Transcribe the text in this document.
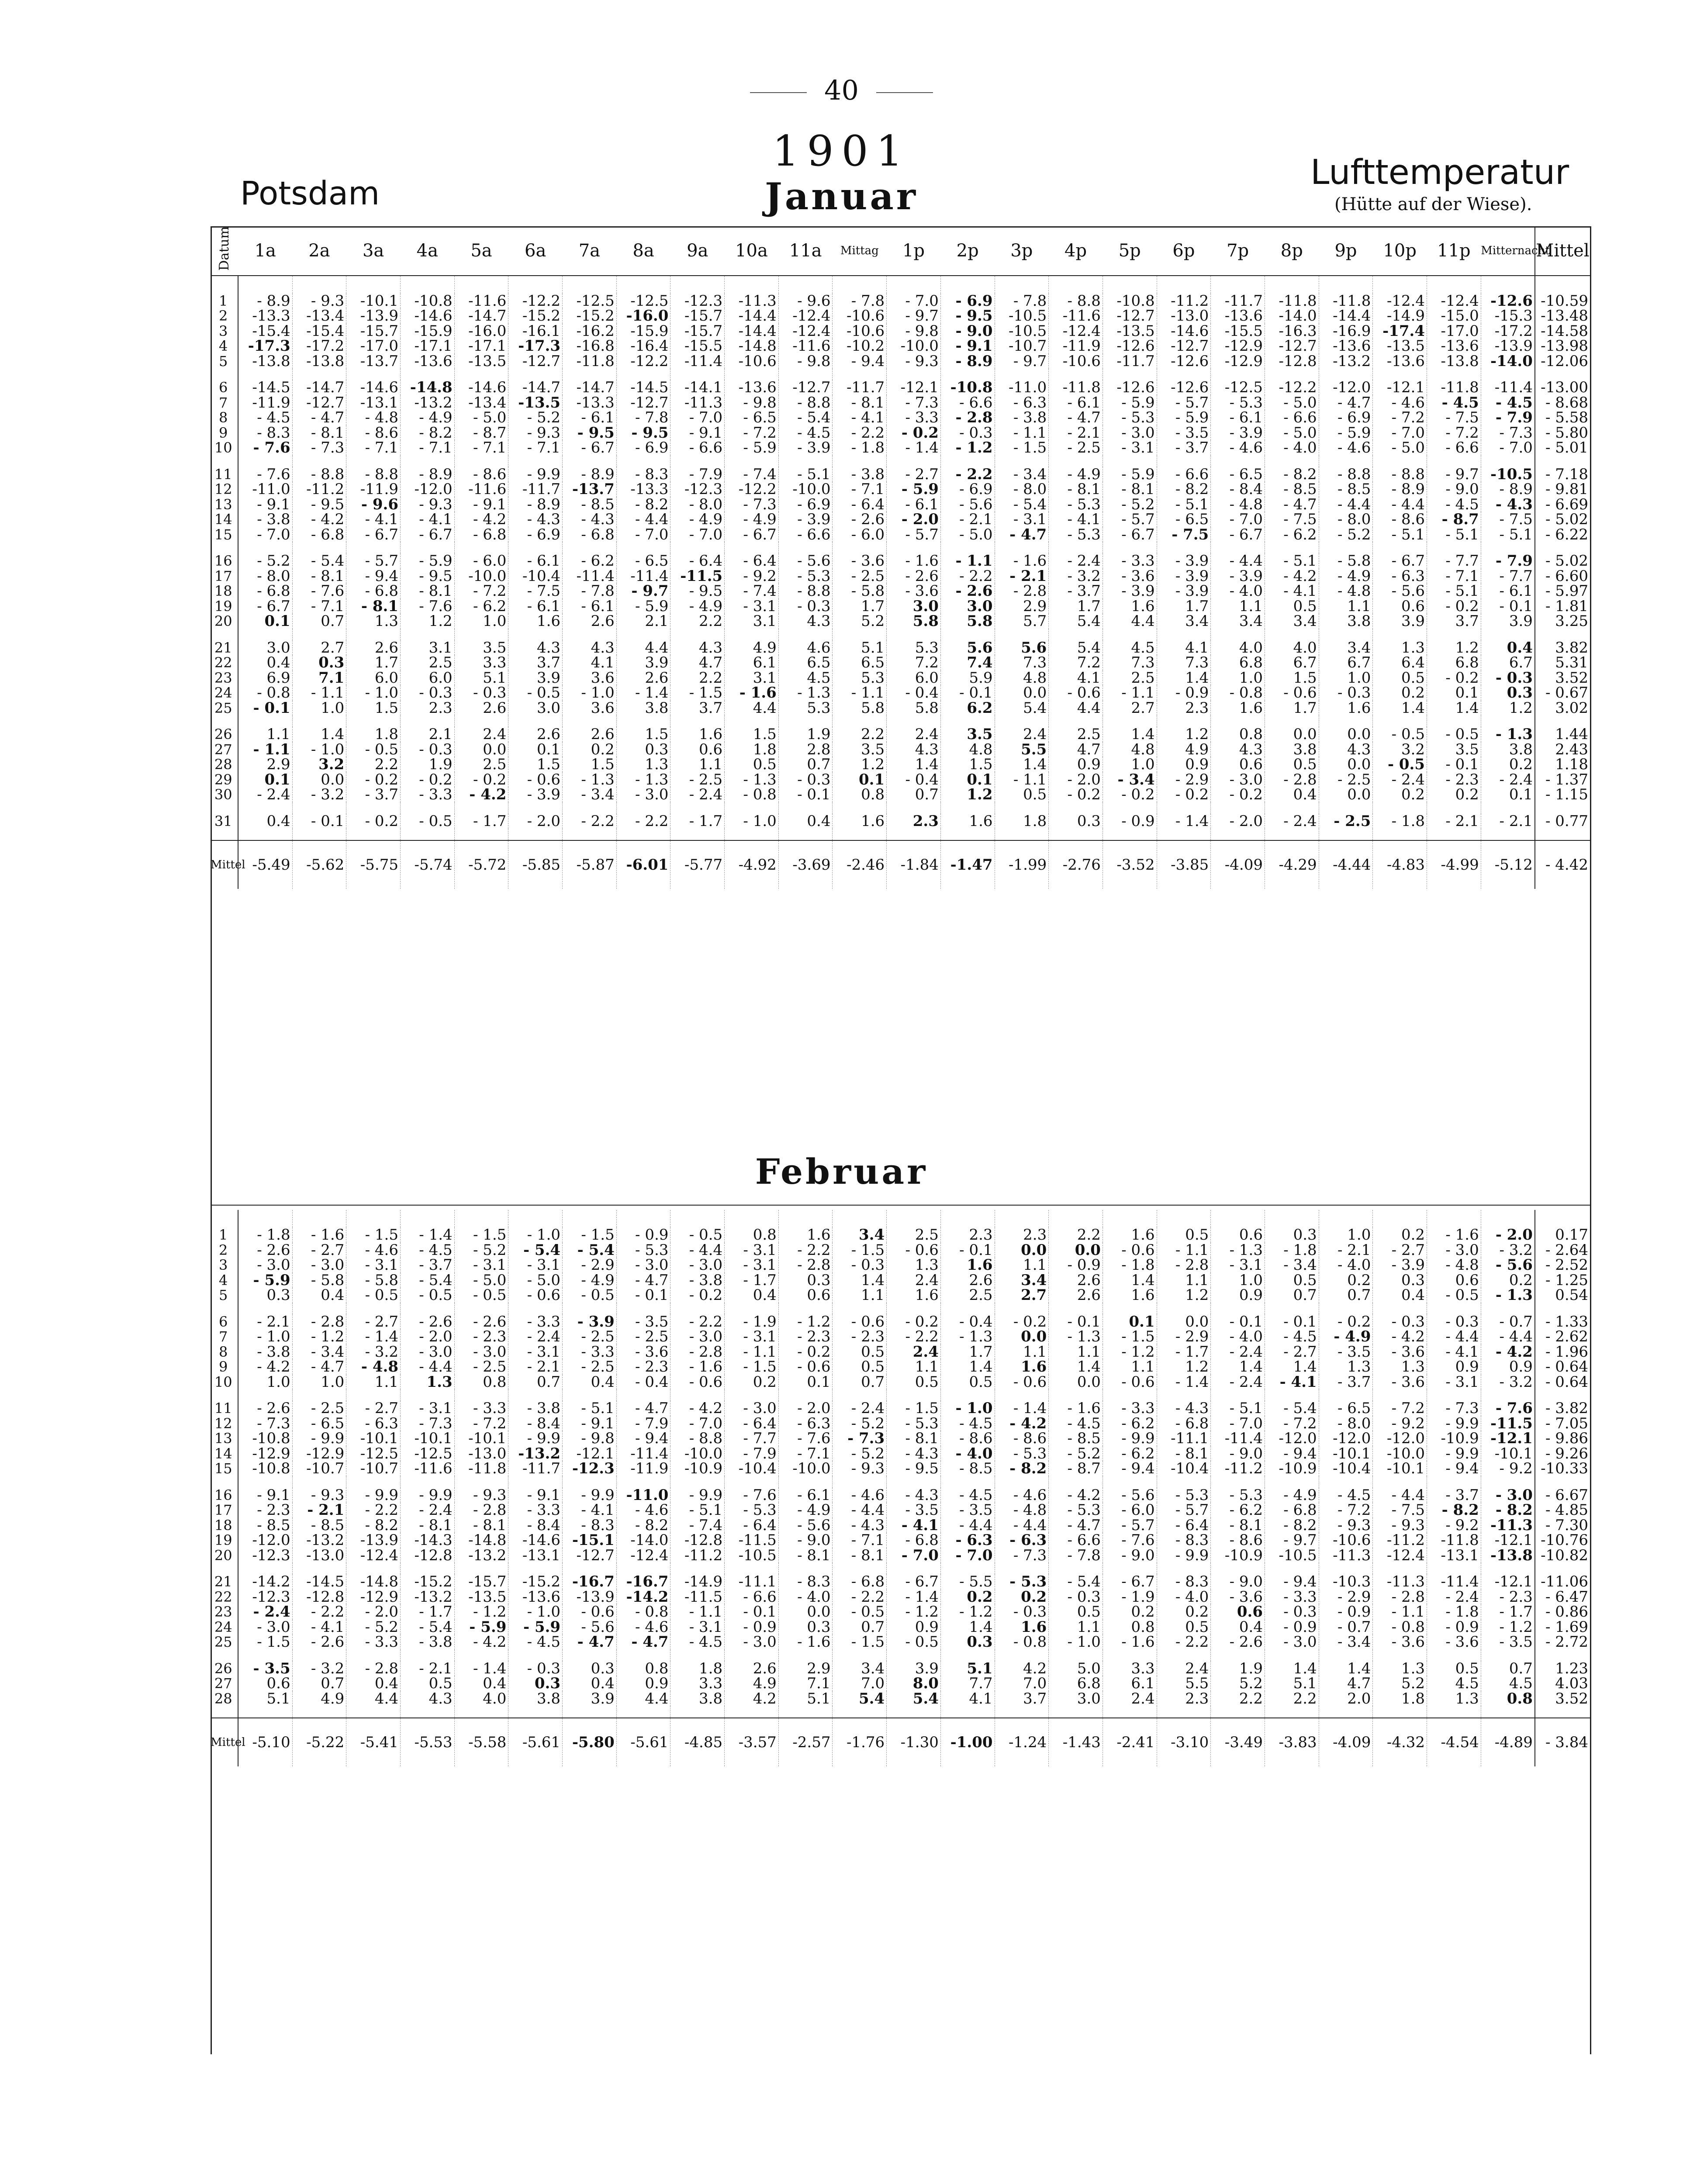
40
1901
Potsdam	Januar
Lufttemperatur
(Hütte auf der Wiese).
Datum	1a	2a	3a	4a	5a	6a	7a	8a	9a	10a	11a	Mittag	1p	2p	3p	4p	5p	6p	7p	8p	9p	10p	11p	Mitternacht	Mittel

1	- 8.9	- 9.3	-10.1	-10.8	-11.6	-12.2	-12.5	-12.5	-12.3	-11.3	- 9.6	- 7.8	- 7.0	- 6.9	- 7.8	- 8.8	-10.8	-11.2	-11.7	-11.8	-11.8	-12.4	-12.4	-12.6	-10.59
2	-13.3	-13.4	-13.9	-14.6	-14.7	-15.2	-15.2	-16.0	-15.7	-14.4	-12.4	-10.6	- 9.7	- 9.5	-10.5	-11.6	-12.7	-13.0	-13.6	-14.0	-14.4	-14.9	-15.0	-15.3	-13.48
3	-15.4	-15.4	-15.7	-15.9	-16.0	-16.1	-16.2	-15.9	-15.7	-14.4	-12.4	-10.6	- 9.8	- 9.0	-10.5	-12.4	-13.5	-14.6	-15.5	-16.3	-16.9	-17.4	-17.0	-17.2	-14.58
4	-17.3	-17.2	-17.0	-17.1	-17.1	-17.3	-16.8	-16.4	-15.5	-14.8	-11.6	-10.2	-10.0	- 9.1	-10.7	-11.9	-12.6	-12.7	-12.9	-12.7	-13.6	-13.5	-13.6	-13.9	-13.98
5	-13.8	-13.8	-13.7	-13.6	-13.5	-12.7	-11.8	-12.2	-11.4	-10.6	- 9.8	- 9.4	- 9.3	- 8.9	- 9.7	-10.6	-11.7	-12.6	-12.9	-12.8	-13.2	-13.6	-13.8	-14.0	-12.06

6	-14.5	-14.7	-14.6	-14.8	-14.6	-14.7	-14.7	-14.5	-14.1	-13.6	-12.7	-11.7	-12.1	-10.8	-11.0	-11.8	-12.6	-12.6	-12.5	-12.2	-12.0	-12.1	-11.8	-11.4	-13.00
7	-11.9	-12.7	-13.1	-13.2	-13.4	-13.5	-13.3	-12.7	-11.3	- 9.8	- 8.8	- 8.1	- 7.3	- 6.6	- 6.3	- 6.1	- 5.9	- 5.7	- 5.3	- 5.0	- 4.7	- 4.6	- 4.5	- 4.5	- 8.68
8	- 4.5	- 4.7	- 4.8	- 4.9	- 5.0	- 5.2	- 6.1	- 7.8	- 7.0	- 6.5	- 5.4	- 4.1	- 3.3	- 2.8	- 3.8	- 4.7	- 5.3	- 5.9	- 6.1	- 6.6	- 6.9	- 7.2	- 7.5	- 7.9	- 5.58
9	- 8.3	- 8.1	- 8.6	- 8.2	- 8.7	- 9.3	- 9.5	- 9.5	- 9.1	- 7.2	- 4.5	- 2.2	- 0.2	- 0.3	- 1.1	- 2.1	- 3.0	- 3.5	- 3.9	- 5.0	- 5.9	- 7.0	- 7.2	- 7.3	- 5.80
10	- 7.6	- 7.3	- 7.1	- 7.1	- 7.1	- 7.1	- 6.7	- 6.9	- 6.6	- 5.9	- 3.9	- 1.8	- 1.4	- 1.2	- 1.5	- 2.5	- 3.1	- 3.7	- 4.6	- 4.0	- 4.6	- 5.0	- 6.6	- 7.0	- 5.01

11	- 7.6	- 8.8	- 8.8	- 8.9	- 8.6	- 9.9	- 8.9	- 8.3	- 7.9	- 7.4	- 5.1	- 3.8	- 2.7	- 2.2	- 3.4	- 4.9	- 5.9	- 6.6	- 6.5	- 8.2	- 8.8	- 8.8	- 9.7	-10.5	- 7.18
12	-11.0	-11.2	-11.9	-12.0	-11.6	-11.7	-13.7	-13.3	-12.3	-12.2	-10.0	- 7.1	- 5.9	- 6.9	- 8.0	- 8.1	- 8.1	- 8.2	- 8.4	- 8.5	- 8.5	- 8.9	- 9.0	- 8.9	- 9.81
13	- 9.1	- 9.5	- 9.6	- 9.3	- 9.1	- 8.9	- 8.5	- 8.2	- 8.0	- 7.3	- 6.9	- 6.4	- 6.1	- 5.6	- 5.4	- 5.3	- 5.2	- 5.1	- 4.8	- 4.7	- 4.4	- 4.4	- 4.5	- 4.3	- 6.69
14	- 3.8	- 4.2	- 4.1	- 4.1	- 4.2	- 4.3	- 4.3	- 4.4	- 4.9	- 4.9	- 3.9	- 2.6	- 2.0	- 2.1	- 3.1	- 4.1	- 5.7	- 6.5	- 7.0	- 7.5	- 8.0	- 8.6	- 8.7	- 7.5	- 5.02
15	- 7.0	- 6.8	- 6.7	- 6.7	- 6.8	- 6.9	- 6.8	- 7.0	- 7.0	- 6.7	- 6.6	- 6.0	- 5.7	- 5.0	- 4.7	- 5.3	- 6.7	- 7.5	- 6.7	- 6.2	- 5.2	- 5.1	- 5.1	- 5.1	- 6.22

16	- 5.2	- 5.4	- 5.7	- 5.9	- 6.0	- 6.1	- 6.2	- 6.5	- 6.4	- 6.4	- 5.6	- 3.6	- 1.6	- 1.1	- 1.6	- 2.4	- 3.3	- 3.9	- 4.4	- 5.1	- 5.8	- 6.7	- 7.7	- 7.9	- 5.02
17	- 8.0	- 8.1	- 9.4	- 9.5	-10.0	-10.4	-11.4	-11.4	-11.5	- 9.2	- 5.3	- 2.5	- 2.6	- 2.2	- 2.1	- 3.2	- 3.6	- 3.9	- 3.9	- 4.2	- 4.9	- 6.3	- 7.1	- 7.7	- 6.60
18	- 6.8	- 7.6	- 6.8	- 8.1	- 7.2	- 7.5	- 7.8	- 9.7	- 9.5	- 7.4	- 8.8	- 5.8	- 3.6	- 2.6	- 2.8	- 3.7	- 3.9	- 3.9	- 4.0	- 4.1	- 4.8	- 5.6	- 5.1	- 6.1	- 5.97
19	- 6.7	- 7.1	- 8.1	- 7.6	- 6.2	- 6.1	- 6.1	- 5.9	- 4.9	- 3.1	- 0.3	1.7	3.0	3.0	2.9	1.7	1.6	1.7	1.1	0.5	1.1	0.6	- 0.2	- 0.1	- 1.81
20	0.1	0.7	1.3	1.2	1.0	1.6	2.6	2.1	2.2	3.1	4.3	5.2	5.8	5.8	5.7	5.4	4.4	3.4	3.4	3.4	3.8	3.9	3.7	3.9	3.25

21	3.0	2.7	2.6	3.1	3.5	4.3	4.3	4.4	4.3	4.9	4.6	5.1	5.3	5.6	5.6	5.4	4.5	4.1	4.0	4.0	3.4	1.3	1.2	0.4	3.82
22	0.4	0.3	1.7	2.5	3.3	3.7	4.1	3.9	4.7	6.1	6.5	6.5	7.2	7.4	7.3	7.2	7.3	7.3	6.8	6.7	6.7	6.4	6.8	6.7	5.31
23	6.9	7.1	6.0	6.0	5.1	3.9	3.6	2.6	2.2	3.1	4.5	5.3	6.0	5.9	4.8	4.1	2.5	1.4	1.0	1.5	1.0	0.5	- 0.2	- 0.3	3.52
24	- 0.8	- 1.1	- 1.0	- 0.3	- 0.3	- 0.5	- 1.0	- 1.4	- 1.5	- 1.6	- 1.3	- 1.1	- 0.4	- 0.1	0.0	- 0.6	- 1.1	- 0.9	- 0.8	- 0.6	- 0.3	0.2	0.1	0.3	- 0.67
25	- 0.1	1.0	1.5	2.3	2.6	3.0	3.6	3.8	3.7	4.4	5.3	5.8	5.8	6.2	5.4	4.4	2.7	2.3	1.6	1.7	1.6	1.4	1.4	1.2	3.02

26	1.1	1.4	1.8	2.1	2.4	2.6	2.6	1.5	1.6	1.5	1.9	2.2	2.4	3.5	2.4	2.5	1.4	1.2	0.8	0.0	0.0	- 0.5	- 0.5	- 1.3	1.44
27	- 1.1	- 1.0	- 0.5	- 0.3	0.0	0.1	0.2	0.3	0.6	1.8	2.8	3.5	4.3	4.8	5.5	4.7	4.8	4.9	4.3	3.8	4.3	3.2	3.5	3.8	2.43
28	2.9	3.2	2.2	1.9	2.5	1.5	1.5	1.3	1.1	0.5	0.7	1.2	1.4	1.5	1.4	0.9	1.0	0.9	0.6	0.5	0.0	- 0.5	- 0.1	0.2	1.18
29	0.1	0.0	- 0.2	- 0.2	- 0.2	- 0.6	- 1.3	- 1.3	- 2.5	- 1.3	- 0.3	0.1	- 0.4	0.1	- 1.1	- 2.0	- 3.4	- 2.9	- 3.0	- 2.8	- 2.5	- 2.4	- 2.3	- 2.4	- 1.37
30	- 2.4	- 3.2	- 3.7	- 3.3	- 4.2	- 3.9	- 3.4	- 3.0	- 2.4	- 0.8	- 0.1	0.8	0.7	1.2	0.5	- 0.2	- 0.2	- 0.2	- 0.2	0.4	0.0	0.2	0.2	0.1	- 1.15

31	0.4	- 0.1	- 0.2	- 0.5	- 1.7	- 2.0	- 2.2	- 2.2	- 1.7	- 1.0	0.4	1.6	2.3	1.6	1.8	0.3	- 0.9	- 1.4	- 2.0	- 2.4	- 2.5	- 1.8	- 2.1	- 2.1	- 0.77

Mittel	-5.49	-5.62	-5.75	-5.74	-5.72	-5.85	-5.87	-6.01	-5.77	-4.92	-3.69	-2.46	-1.84	-1.47	-1.99	-2.76	-3.52	-3.85	-4.09	-4.29	-4.44	-4.83	-4.99	-5.12	- 4.42
Februar

1	- 1.8	- 1.6	- 1.5	- 1.4	- 1.5	- 1.0	- 1.5	- 0.9	- 0.5	0.8	1.6	3.4	2.5	2.3	2.3	2.2	1.6	0.5	0.6	0.3	1.0	0.2	- 1.6	- 2.0	0.17
2	- 2.6	- 2.7	- 4.6	- 4.5	- 5.2	- 5.4	- 5.4	- 5.3	- 4.4	- 3.1	- 2.2	- 1.5	- 0.6	- 0.1	0.0	0.0	- 0.6	- 1.1	- 1.3	- 1.8	- 2.1	- 2.7	- 3.0	- 3.2	- 2.64
3	- 3.0	- 3.0	- 3.1	- 3.7	- 3.1	- 3.1	- 2.9	- 3.0	- 3.0	- 3.1	- 2.8	- 0.3	1.3	1.6	1.1	- 0.9	- 1.8	- 2.8	- 3.1	- 3.4	- 4.0	- 3.9	- 4.8	- 5.6	- 2.52
4	- 5.9	- 5.8	- 5.8	- 5.4	- 5.0	- 5.0	- 4.9	- 4.7	- 3.8	- 1.7	0.3	1.4	2.4	2.6	3.4	2.6	1.4	1.1	1.0	0.5	0.2	0.3	0.6	0.2	- 1.25
5	0.3	0.4	- 0.5	- 0.5	- 0.5	- 0.6	- 0.5	- 0.1	- 0.2	0.4	0.6	1.1	1.6	2.5	2.7	2.6	1.6	1.2	0.9	0.7	0.7	0.4	- 0.5	- 1.3	0.54

6	- 2.1	- 2.8	- 2.7	- 2.6	- 2.6	- 3.3	- 3.9	- 3.5	- 2.2	- 1.9	- 1.2	- 0.6	- 0.2	- 0.4	- 0.2	- 0.1	0.1	0.0	- 0.1	- 0.1	- 0.2	- 0.3	- 0.3	- 0.7	- 1.33
7	- 1.0	- 1.2	- 1.4	- 2.0	- 2.3	- 2.4	- 2.5	- 2.5	- 3.0	- 3.1	- 2.3	- 2.3	- 2.2	- 1.3	0.0	- 1.3	- 1.5	- 2.9	- 4.0	- 4.5	- 4.9	- 4.2	- 4.4	- 4.4	- 2.62
8	- 3.8	- 3.4	- 3.2	- 3.0	- 3.0	- 3.1	- 3.3	- 3.6	- 2.8	- 1.1	- 0.2	0.5	2.4	1.7	1.1	1.1	- 1.2	- 1.7	- 2.4	- 2.7	- 3.5	- 3.6	- 4.1	- 4.2	- 1.96
9	- 4.2	- 4.7	- 4.8	- 4.4	- 2.5	- 2.1	- 2.5	- 2.3	- 1.6	- 1.5	- 0.6	0.5	1.1	1.4	1.6	1.4	1.1	1.2	1.4	1.4	1.3	1.3	0.9	0.9	- 0.64
10	1.0	1.0	1.1	1.3	0.8	0.7	0.4	- 0.4	- 0.6	0.2	0.1	0.7	0.5	0.5	- 0.6	0.0	- 0.6	- 1.4	- 2.4	- 4.1	- 3.7	- 3.6	- 3.1	- 3.2	- 0.64

11	- 2.6	- 2.5	- 2.7	- 3.1	- 3.3	- 3.8	- 5.1	- 4.7	- 4.2	- 3.0	- 2.0	- 2.4	- 1.5	- 1.0	- 1.4	- 1.6	- 3.3	- 4.3	- 5.1	- 5.4	- 6.5	- 7.2	- 7.3	- 7.6	- 3.82
12	- 7.3	- 6.5	- 6.3	- 7.3	- 7.2	- 8.4	- 9.1	- 7.9	- 7.0	- 6.4	- 6.3	- 5.2	- 5.3	- 4.5	- 4.2	- 4.5	- 6.2	- 6.8	- 7.0	- 7.2	- 8.0	- 9.2	- 9.9	-11.5	- 7.05
13	-10.8	- 9.9	-10.1	-10.1	-10.1	- 9.9	- 9.8	- 9.4	- 8.8	- 7.7	- 7.6	- 7.3	- 8.1	- 8.6	- 8.6	- 8.5	- 9.9	-11.1	-11.4	-12.0	-12.0	-12.0	-10.9	-12.1	- 9.86
14	-12.9	-12.9	-12.5	-12.5	-13.0	-13.2	-12.1	-11.4	-10.0	- 7.9	- 7.1	- 5.2	- 4.3	- 4.0	- 5.3	- 5.2	- 6.2	- 8.1	- 9.0	- 9.4	-10.1	-10.0	- 9.9	-10.1	- 9.26
15	-10.8	-10.7	-10.7	-11.6	-11.8	-11.7	-12.3	-11.9	-10.9	-10.4	-10.0	- 9.3	- 9.5	- 8.5	- 8.2	- 8.7	- 9.4	-10.4	-11.2	-10.9	-10.4	-10.1	- 9.4	- 9.2	-10.33

16	- 9.1	- 9.3	- 9.9	- 9.9	- 9.3	- 9.1	- 9.9	-11.0	- 9.9	- 7.6	- 6.1	- 4.6	- 4.3	- 4.5	- 4.6	- 4.2	- 5.6	- 5.3	- 5.3	- 4.9	- 4.5	- 4.4	- 3.7	- 3.0	- 6.67
17	- 2.3	- 2.1	- 2.2	- 2.4	- 2.8	- 3.3	- 4.1	- 4.6	- 5.1	- 5.3	- 4.9	- 4.4	- 3.5	- 3.5	- 4.8	- 5.3	- 6.0	- 5.7	- 6.2	- 6.8	- 7.2	- 7.5	- 8.2	- 8.2	- 4.85
18	- 8.5	- 8.5	- 8.2	- 8.1	- 8.1	- 8.4	- 8.3	- 8.2	- 7.4	- 6.4	- 5.6	- 4.3	- 4.1	- 4.4	- 4.4	- 4.7	- 5.7	- 6.4	- 8.1	- 8.2	- 9.3	- 9.3	- 9.2	-11.3	- 7.30
19	-12.0	-13.2	-13.9	-14.3	-14.8	-14.6	-15.1	-14.0	-12.8	-11.5	- 9.0	- 7.1	- 6.8	- 6.3	- 6.3	- 6.6	- 7.6	- 8.3	- 8.6	- 9.7	-10.6	-11.2	-11.8	-12.1	-10.76
20	-12.3	-13.0	-12.4	-12.8	-13.2	-13.1	-12.7	-12.4	-11.2	-10.5	- 8.1	- 8.1	- 7.0	- 7.0	- 7.3	- 7.8	- 9.0	- 9.9	-10.9	-10.5	-11.3	-12.4	-13.1	-13.8	-10.82

21	-14.2	-14.5	-14.8	-15.2	-15.7	-15.2	-16.7	-16.7	-14.9	-11.1	- 8.3	- 6.8	- 6.7	- 5.5	- 5.3	- 5.4	- 6.7	- 8.3	- 9.0	- 9.4	-10.3	-11.3	-11.4	-12.1	-11.06
22	-12.3	-12.8	-12.9	-13.2	-13.5	-13.6	-13.9	-14.2	-11.5	- 6.6	- 4.0	- 2.2	- 1.4	0.2	0.2	- 0.3	- 1.9	- 4.0	- 3.6	- 3.3	- 2.9	- 2.8	- 2.4	- 2.3	- 6.47
23	- 2.4	- 2.2	- 2.0	- 1.7	- 1.2	- 1.0	- 0.6	- 0.8	- 1.1	- 0.1	0.0	- 0.5	- 1.2	- 1.2	- 0.3	0.5	0.2	0.2	0.6	- 0.3	- 0.9	- 1.1	- 1.8	- 1.7	- 0.86
24	- 3.0	- 4.1	- 5.2	- 5.4	- 5.9	- 5.9	- 5.6	- 4.6	- 3.1	- 0.9	0.3	0.7	0.9	1.4	1.6	1.1	0.8	0.5	0.4	- 0.9	- 0.7	- 0.8	- 0.9	- 1.2	- 1.69
25	- 1.5	- 2.6	- 3.3	- 3.8	- 4.2	- 4.5	- 4.7	- 4.7	- 4.5	- 3.0	- 1.6	- 1.5	- 0.5	0.3	- 0.8	- 1.0	- 1.6	- 2.2	- 2.6	- 3.0	- 3.4	- 3.6	- 3.6	- 3.5	- 2.72

26	- 3.5	- 3.2	- 2.8	- 2.1	- 1.4	- 0.3	0.3	0.8	1.8	2.6	2.9	3.4	3.9	5.1	4.2	5.0	3.3	2.4	1.9	1.4	1.4	1.3	0.5	0.7	1.23
27	0.6	0.7	0.4	0.5	0.4	0.3	0.4	0.9	3.3	4.9	7.1	7.0	8.0	7.7	7.0	6.8	6.1	5.5	5.2	5.1	4.7	5.2	4.5	4.5	4.03
28	5.1	4.9	4.4	4.3	4.0	3.8	3.9	4.4	3.8	4.2	5.1	5.4	5.4	4.1	3.7	3.0	2.4	2.3	2.2	2.2	2.0	1.8	1.3	0.8	3.52

Mittel	-5.10	-5.22	-5.41	-5.53	-5.58	-5.61	-5.80	-5.61	-4.85	-3.57	-2.57	-1.76	-1.30	-1.00	-1.24	-1.43	-2.41	-3.10	-3.49	-3.83	-4.09	-4.32	-4.54	-4.89	- 3.84
